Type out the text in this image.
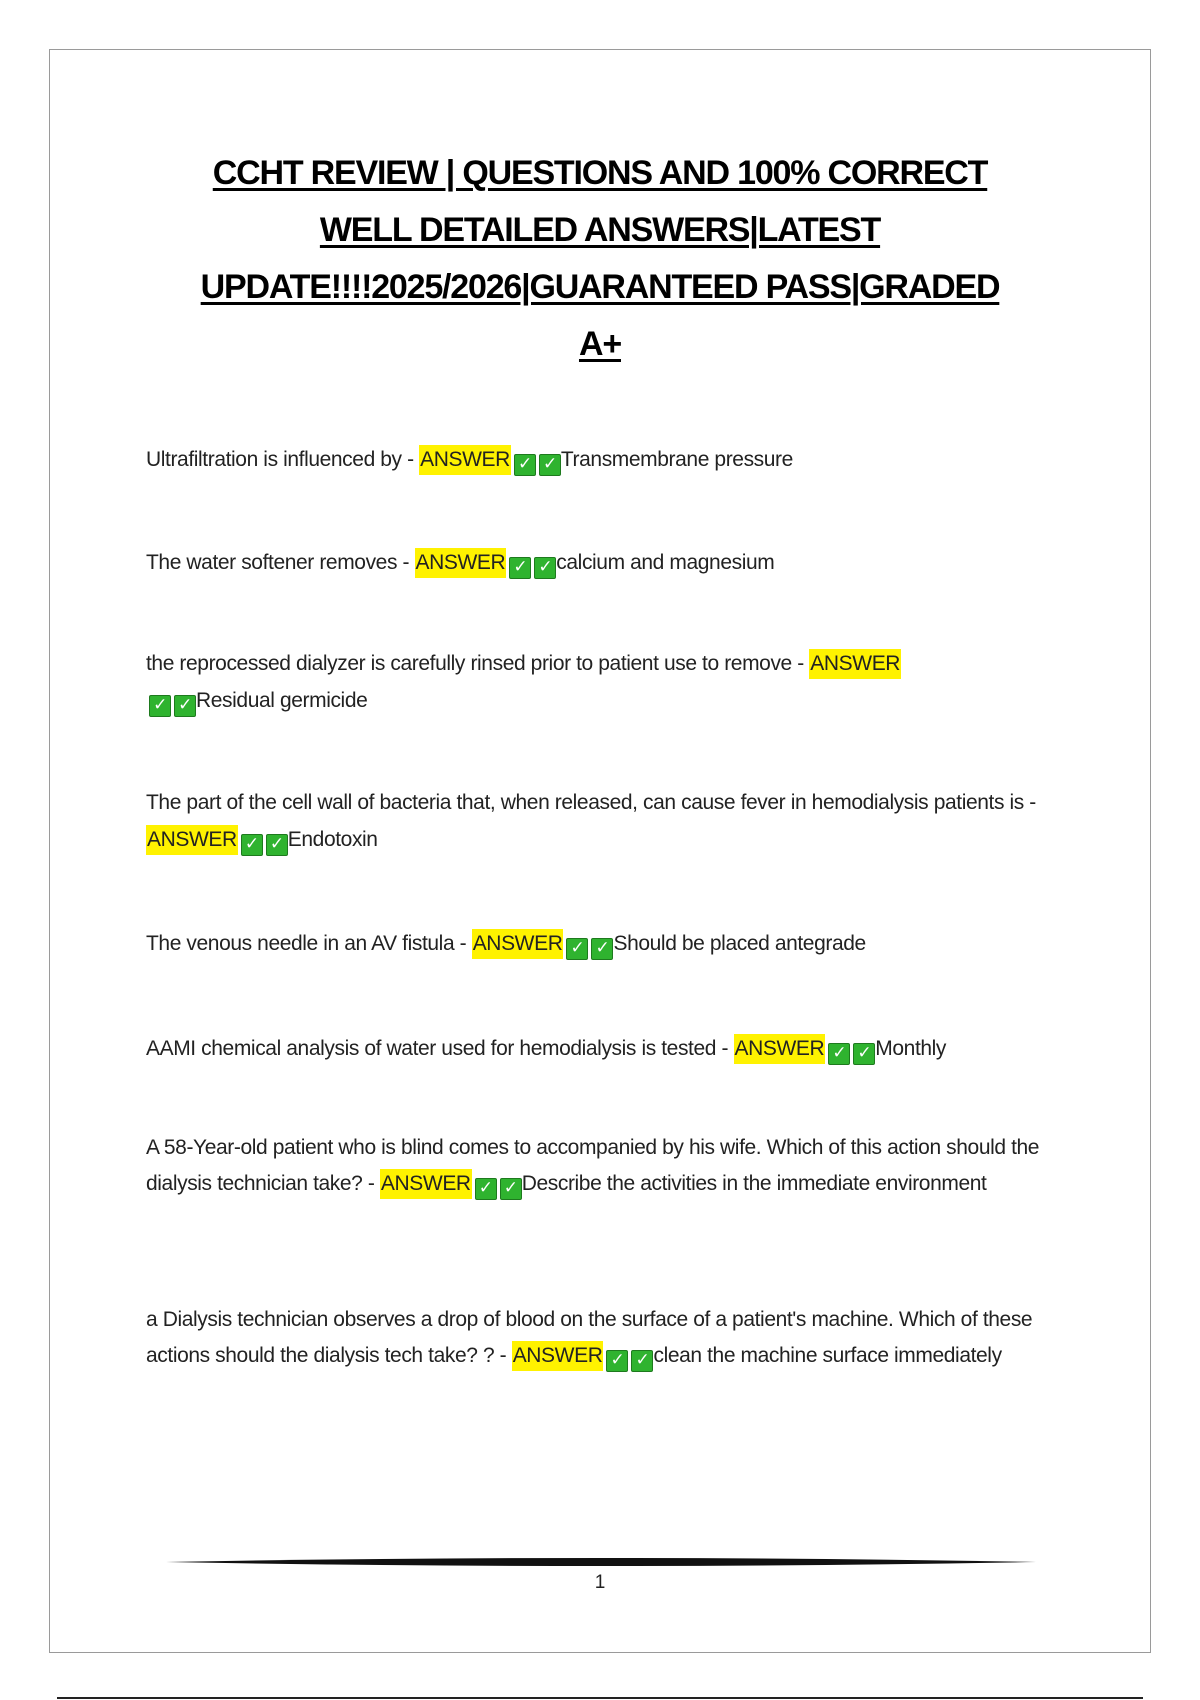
CCHT REVIEW | QUESTIONS AND 100% CORRECT
WELL DETAILED ANSWERS|LATEST
UPDATE!!!!2025/2026|GUARANTEED PASS|GRADED
A+

Ultrafiltration is influenced by - ANSWER ✓ ✓ Transmembrane pressure

The water softener removes - ANSWER ✓ ✓ calcium and magnesium

the reprocessed dialyzer is carefully rinsed prior to patient use to remove - ANSWER✓ ✓ Residual germicide

The part of the cell wall of bacteria that, when released, can cause fever in hemodialysis patients is - ANSWER ✓ ✓ Endotoxin

The venous needle in an AV fistula - ANSWER ✓ ✓ Should be placed antegrade

AAMI chemical analysis of water used for hemodialysis is tested - ANSWER ✓ ✓ Monthly

A 58-Year-old patient who is blind comes to accompanied by his wife. Which of this action should the dialysis technician take? - ANSWER ✓ ✓ Describe the activities in the immediate environment

a Dialysis technician observes a drop of blood on the surface of a patient's machine. Which of these actions should the dialysis tech take? ? - ANSWER ✓ ✓ clean the machine surface immediately

1
